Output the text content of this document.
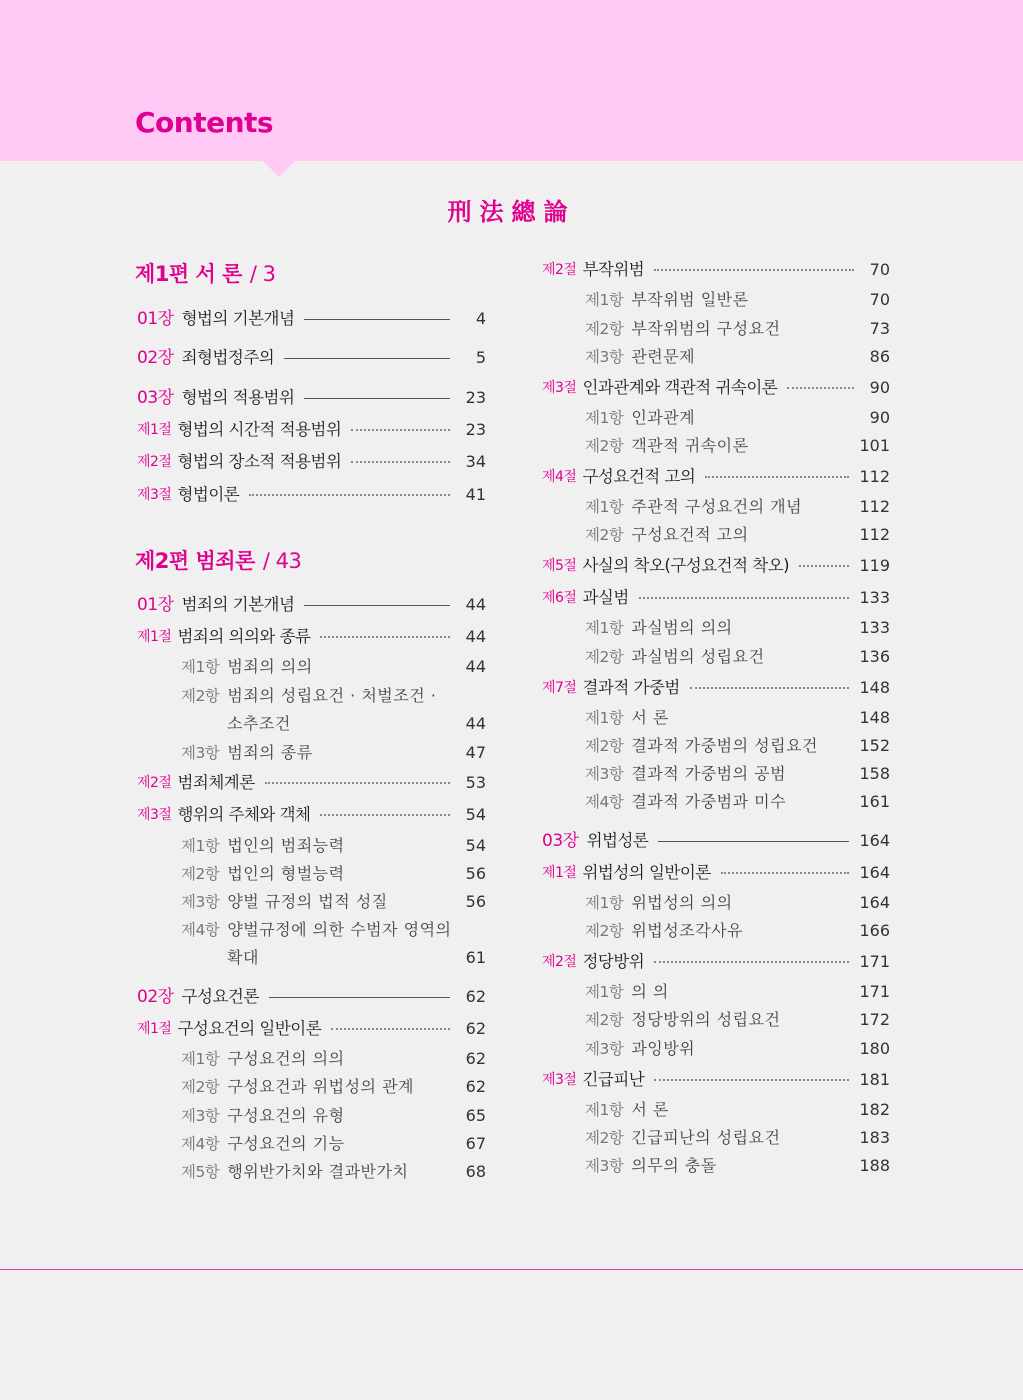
Contents
刑法總論
제1편 서 론 / 3
제2편 범죄론 / 43
01장 형법의 기본개념	4
02장 죄형법정주의	5
03장 형법의 적용범위	23
제1절 형법의 시간적 적용범위	23
제2절 형법의 장소적 적용범위	34
제3절 형법이론	41
01장 범죄의 기본개념	44
제1절 범죄의 의의와 종류	44
제1항 범죄의 의의	44
제2항 범죄의 성립요건 · 처벌조건 ·
소추조건	44
제3항 범죄의 종류	47
제2절 범죄체계론	53
제3절 행위의 주체와 객체	54
제1항 법인의 범죄능력	54
제2항 법인의 형벌능력	56
제3항 양벌 규정의 법적 성질	56
제4항 양벌규정에 의한 수범자 영역의
확대	61
02장 구성요건론	62
제1절 구성요건의 일반이론	62
제1항 구성요건의 의의	62
제2항 구성요건과 위법성의 관계	62
제3항 구성요건의 유형	65
제4항 구성요건의 기능	67
제5항 행위반가치와 결과반가치	68
제2절 부작위범	70
제1항 부작위범 일반론	70
제2항 부작위범의 구성요건	73
제3항 관련문제	86
제3절 인과관계와 객관적 귀속이론	90
제1항 인과관계	90
제2항 객관적 귀속이론	101
제4절 구성요건적 고의	112
제1항 주관적 구성요건의 개념	112
제2항 구성요건적 고의	112
제5절 사실의 착오(구성요건적 착오)	119
제6절 과실범	133
제1항 과실범의 의의	133
제2항 과실범의 성립요건	136
제7절 결과적 가중범	148
제1항 서 론	148
제2항 결과적 가중범의 성립요건	152
제3항 결과적 가중범의 공범	158
제4항 결과적 가중범과 미수	161
03장 위법성론	164
제1절 위법성의 일반이론	164
제1항 위법성의 의의	164
제2항 위법성조각사유	166
제2절 정당방위	171
제1항 의 의	171
제2항 정당방위의 성립요건	172
제3항 과잉방위	180
제3절 긴급피난	181
제1항 서 론	182
제2항 긴급피난의 성립요건	183
제3항 의무의 충돌	188
